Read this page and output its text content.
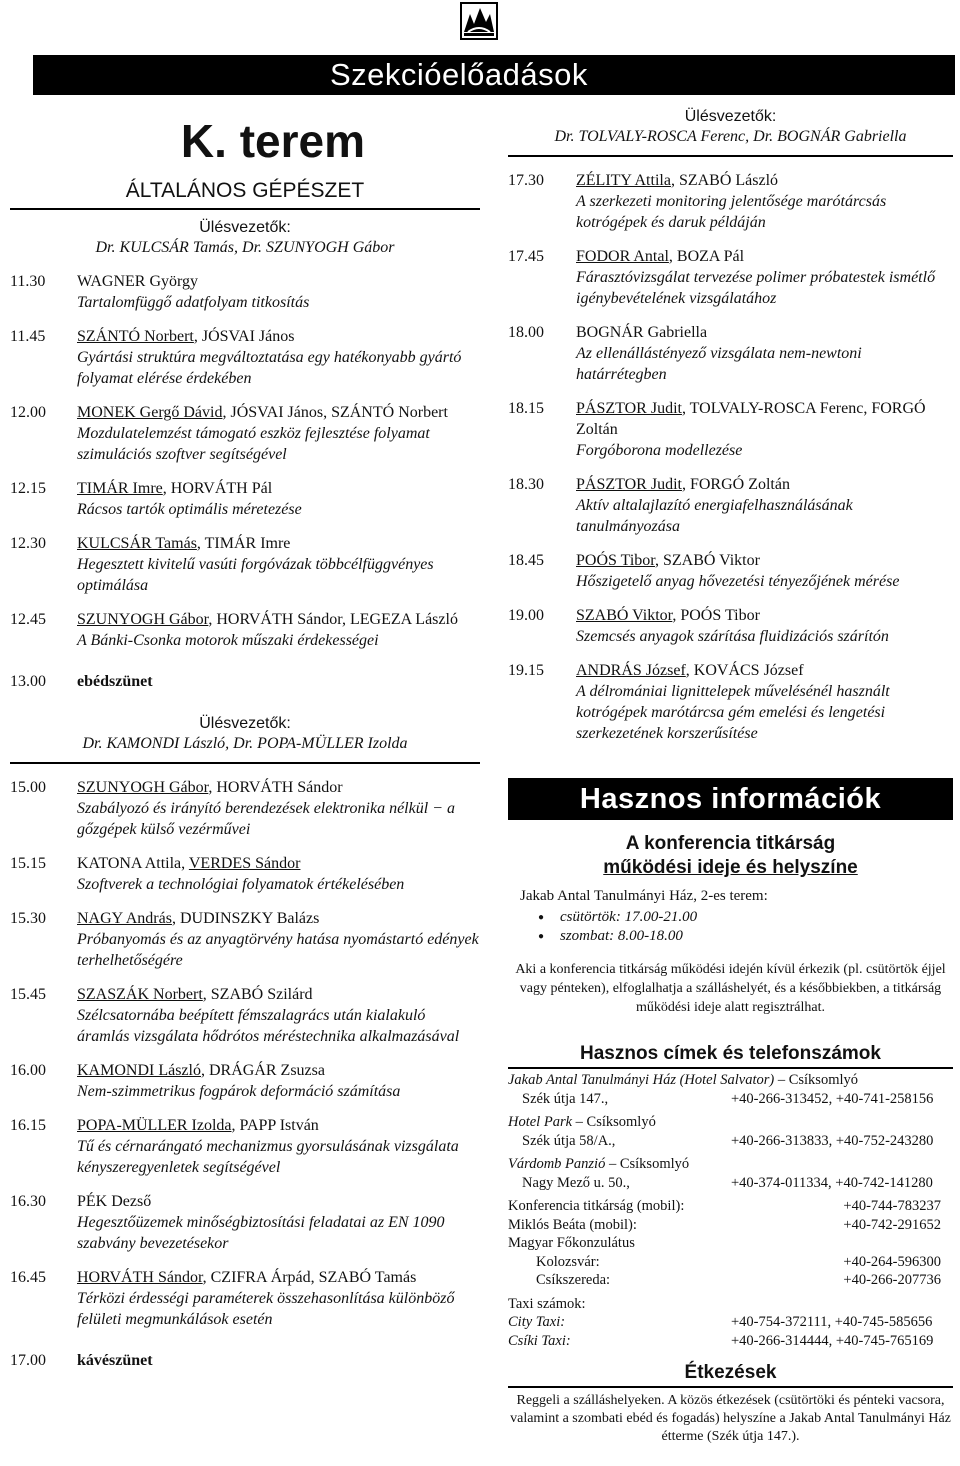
Szekcióelőadások
K. terem
ÁLTALÁNOS GÉPÉSZET
Ülésvezetők:
Dr. KULCSÁR Tamás, Dr. SZUNYOGH Gábor
11.30	WAGNER György
Tartalomfüggő adatfolyam titkosítás
11.45	SZÁNTÓ Norbert, JÓSVAI János
Gyártási struktúra megváltoztatása egy hatékonyabb gyártó folyamat elérése érdekében
12.00	MONEK Gergő Dávid, JÓSVAI János, SZÁNTÓ Norbert
Mozdulatelemzést támogató eszköz fejlesztése folyamat szimulációs szoftver segítségével
12.15	TIMÁR Imre, HORVÁTH Pál
Rácsos tartók optimális méretezése
12.30	KULCSÁR Tamás, TIMÁR Imre
Hegesztett kivitelű vasúti forgóvázak többcélfüggvényes optimálása
12.45	SZUNYOGH Gábor, HORVÁTH Sándor, LEGEZA László
A Bánki-Csonka motorok műszaki érdekességei
13.00	ebédszünet
Ülésvezetők:
Dr. KAMONDI László, Dr. POPA-MÜLLER Izolda
15.00	SZUNYOGH Gábor, HORVÁTH Sándor
Szabályozó és irányító berendezések elektronika nélkül − a gőzgépek külső vezérművei
15.15	KATONA Attila, VERDES Sándor
Szoftverek a technológiai folyamatok értékelésében
15.30	NAGY András, DUDINSZKY Balázs
Próbanyomás és az anyagtörvény hatása nyomástartó edények terhelhetőségére
15.45	SZASZÁK Norbert, SZABÓ Szilárd
Szélcsatornába beépített fémszalagrács után kialakuló áramlás vizsgálata hődrótos méréstechnika alkalmazásával
16.00	KAMONDI László, DRÁGÁR Zsuzsa
Nem-szimmetrikus fogpárok deformáció számítása
16.15	POPA-MÜLLER Izolda, PAPP István
Tű és cérnarángató mechanizmus gyorsulásának vizsgálata kényszeregyenletek segítségével
16.30	PÉK Dezső
Hegesztőüzemek minőségbiztosítási feladatai az EN 1090 szabvány bevezetésekor
16.45	HORVÁTH Sándor, CZIFRA Árpád, SZABÓ Tamás
Térközi érdességi paraméterek összehasonlítása különböző felületi megmunkálások esetén
17.00	kávészünet
Ülésvezetők:
Dr. TOLVALY-ROSCA Ferenc, Dr. BOGNÁR Gabriella
17.30	ZÉLITY Attila, SZABÓ László
A szerkezeti monitoring jelentősége marótárcsás kotrógépek és daruk példáján
17.45	FODOR Antal, BOZA Pál
Fárasztóvizsgálat tervezése polimer próbatestek ismétlő igénybevételének vizsgálatához
18.00	BOGNÁR Gabriella
Az ellenállástényező vizsgálata nem-newtoni határrétegben
18.15	PÁSZTOR Judit, TOLVALY-ROSCA Ferenc, FORGÓ Zoltán
Forgóborona modellezése
18.30	PÁSZTOR Judit, FORGÓ Zoltán
Aktív altalajlazító energiafelhasználásának tanulmányozása
18.45	POÓS Tibor, SZABÓ Viktor
Hőszigetelő anyag hővezetési tényezőjének mérése
19.00	SZABÓ Viktor, POÓS Tibor
Szemcsés anyagok szárítása fluidizációs szárítón
19.15	ANDRÁS József, KOVÁCS József
A délromániai lignittelepek művelésénél használt kotrógépek marótárcsa gém emelési és lengetési szerkezetének korszerűsítése
Hasznos információk
A konferencia titkárság
működési ideje és helyszíne
Jakab Antal Tanulmányi Ház, 2-es terem:
● csütörtök: 17.00-21.00
● szombat: 8.00-18.00
Aki a konferencia titkárság működési idején kívül érkezik (pl. csütörtök éjjel vagy pénteken), elfoglalhatja a szálláshelyét, és a későbbiekben, a titkárság működési ideje alatt regisztrálhat.
Hasznos címek és telefonszámok
Jakab Antal Tanulmányi Ház (Hotel Salvator) – Csíksomlyó
Szék útja 147.,	+40-266-313452, +40-741-258156
Hotel Park – Csíksomlyó
Szék útja 58/A.,	+40-266-313833, +40-752-243280
Várdomb Panzió – Csíksomlyó
Nagy Mező u. 50.,	+40-374-011334, +40-742-141280
Konferencia titkárság (mobil):	+40-744-783237
Miklós Beáta (mobil):	+40-742-291652
Magyar Főkonzulátus
Kolozsvár:	+40-264-596300
Csíkszereda:	+40-266-207736
Taxi számok:
City Taxi:	+40-754-372111, +40-745-585656
Csíki Taxi:	+40-266-314444, +40-745-765169
Étkezések
Reggeli a szálláshelyeken. A közös étkezések (csütörtöki és pénteki vacsora, valamint a szombati ebéd és fogadás) helyszíne a Jakab Antal Tanulmányi Ház étterme (Szék útja 147.).
